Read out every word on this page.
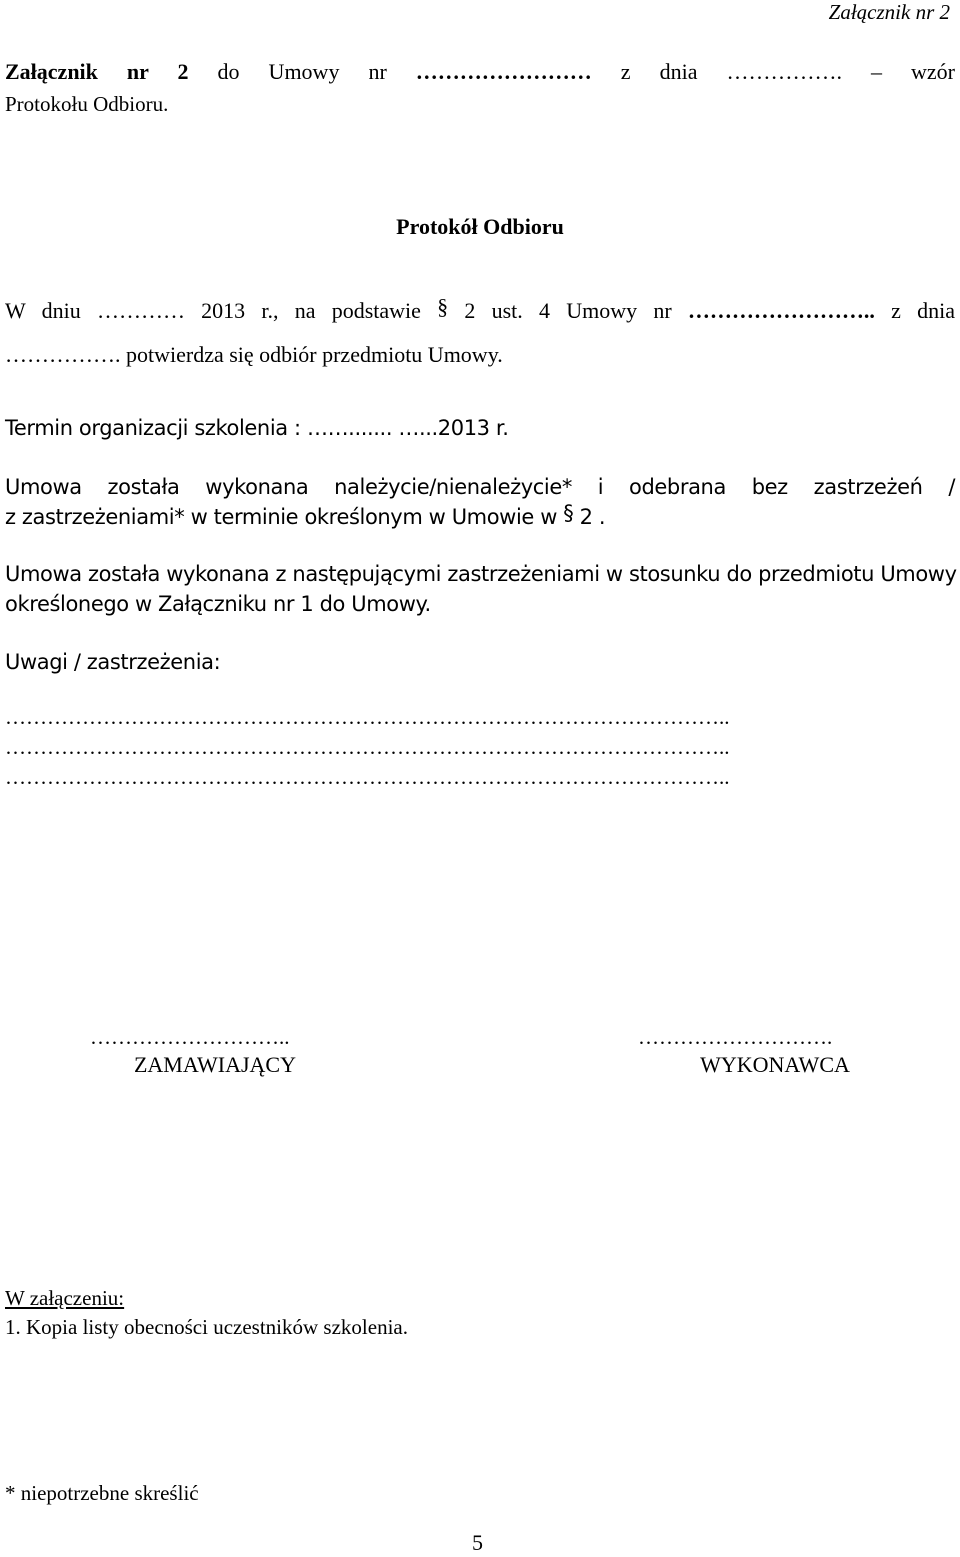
Załącznik nr 2
Załącznik nr 2 do Umowy nr …………………… z dnia ……………. – wzór
Protokołu Odbioru.
Protokół Odbioru
W dniu ………… 2013 r., na podstawie § 2 ust. 4 Umowy nr …………………….. z dnia
……………. potwierdza się odbiór przedmiotu Umowy.
Termin organizacji szkolenia : ……....... …...2013 r.
Umowa została wykonana należycie/nienależycie* i odebrana bez zastrzeżeń /
z zastrzeżeniami* w terminie określonym w Umowie w § 2 .
Umowa została wykonana z następującymi zastrzeżeniami w stosunku do przedmiotu Umowy
określonego w Załączniku nr 1 do Umowy.
Uwagi / zastrzeżenia:
…………………………………………………………………………………………..
…………………………………………………………………………………………..
…………………………………………………………………………………………..
………………………..
ZAMAWIAJĄCY
……………………….
WYKONAWCA
W załączeniu:
1. Kopia listy obecności uczestników szkolenia.
* niepotrzebne skreślić
5
